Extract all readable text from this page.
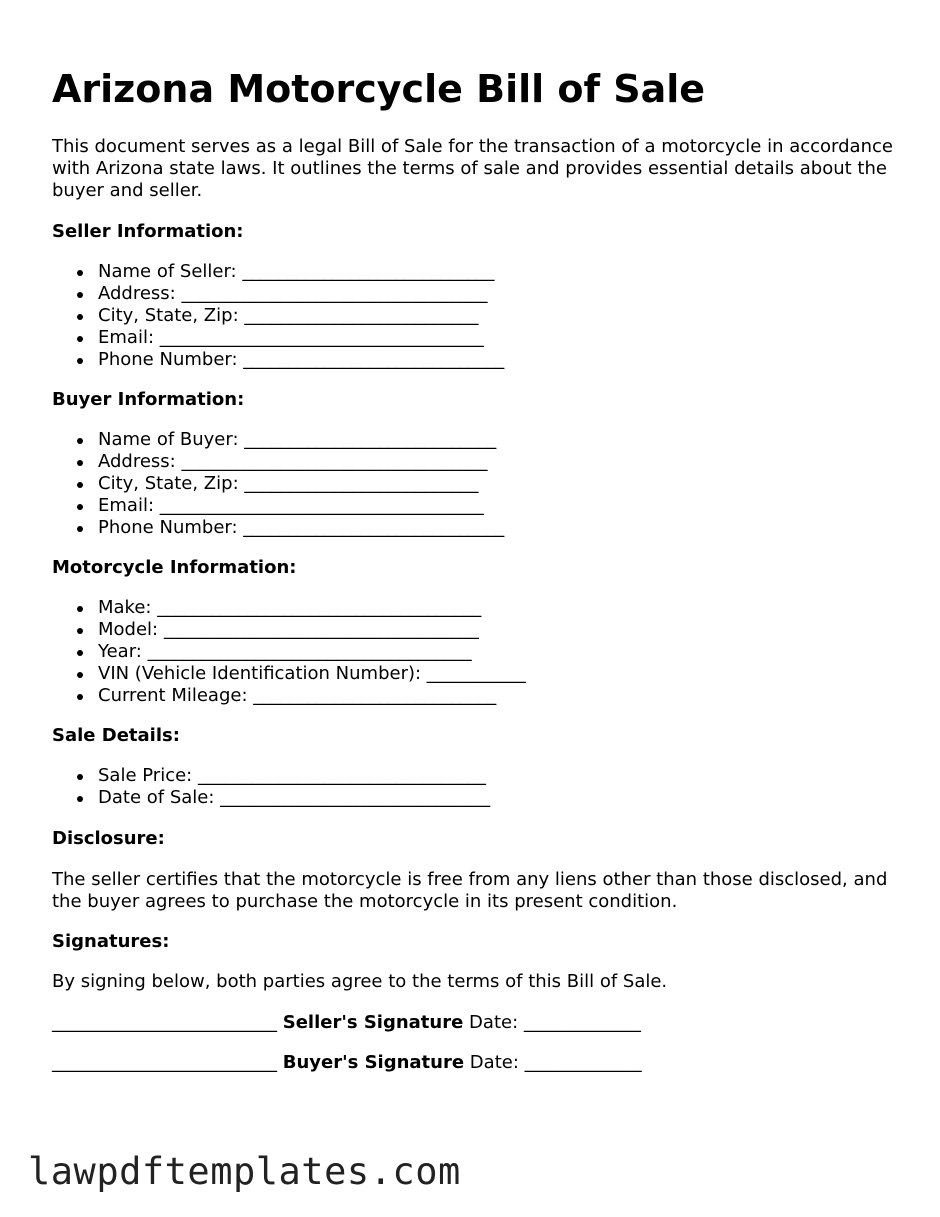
Arizona Motorcycle Bill of Sale

This document serves as a legal Bill of Sale for the transaction of a motorcycle in accordance with Arizona state laws. It outlines the terms of sale and provides essential details about the buyer and seller.

Seller Information:
Name of Seller: ____________________________
Address: __________________________________
City, State, Zip: __________________________
Email: ____________________________________
Phone Number: _____________________________
Buyer Information:
Name of Buyer: ____________________________
Address: __________________________________
City, State, Zip: __________________________
Email: ____________________________________
Phone Number: _____________________________
Motorcycle Information:
Make: ____________________________________
Model: ___________________________________
Year: ____________________________________
VIN (Vehicle Identification Number): ___________
Current Mileage: ___________________________
Sale Details:
Sale Price: ________________________________
Date of Sale: ______________________________
Disclosure:

The seller certifies that the motorcycle is free from any liens other than those disclosed, and the buyer agrees to purchase the motorcycle in its present condition.

Signatures:

By signing below, both parties agree to the terms of this Bill of Sale.

_________________________ Seller's Signature Date: _____________
_________________________ Buyer's Signature Date: _____________
lawpdftemplates.com
